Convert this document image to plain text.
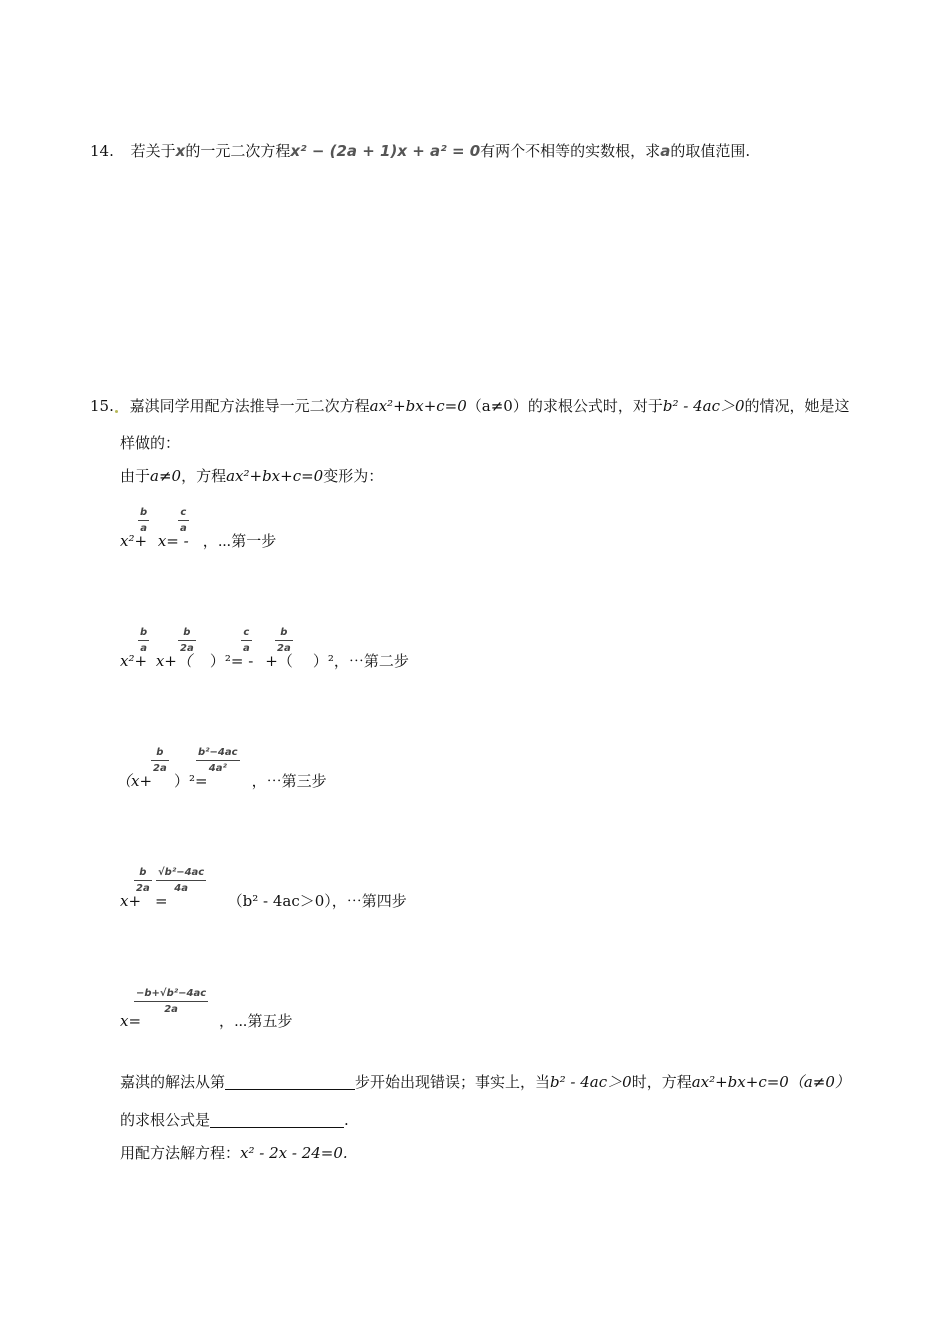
14. 若关于x的一元二次方程x² − (2a + 1)x + a² = 0有两个不相等的实数根，求a的取值范围.
15. 嘉淇同学用配方法推导一元二次方程ax²+bx+c=0（a≠0）的求根公式时，对于b² - 4ac＞0的情况，她是这
样做的：
由于a≠0，方程ax²+bx+c=0变形为：
b
a
c
a
x²+ x= - ，⋯第一步
b
a
b
2a
c
a
b
2a
x²+ x+（ ）²= - +（ ）²，⋯第二步
b
2a
b²−4ac
4a²
（x+ ）²=	，⋯第三步
b
2a
√b²−4ac
4a
x+ =	（b² - 4ac＞0），⋯第四步
−b+√b²−4ac
2a
x=	，⋯第五步
嘉淇的解法从第	步开始出现错误；事实上，当b² - 4ac＞0时，方程ax²+bx+c=0（a≠0）
的求根公式是	.
用配方法解方程：x² - 2x - 24=0.
